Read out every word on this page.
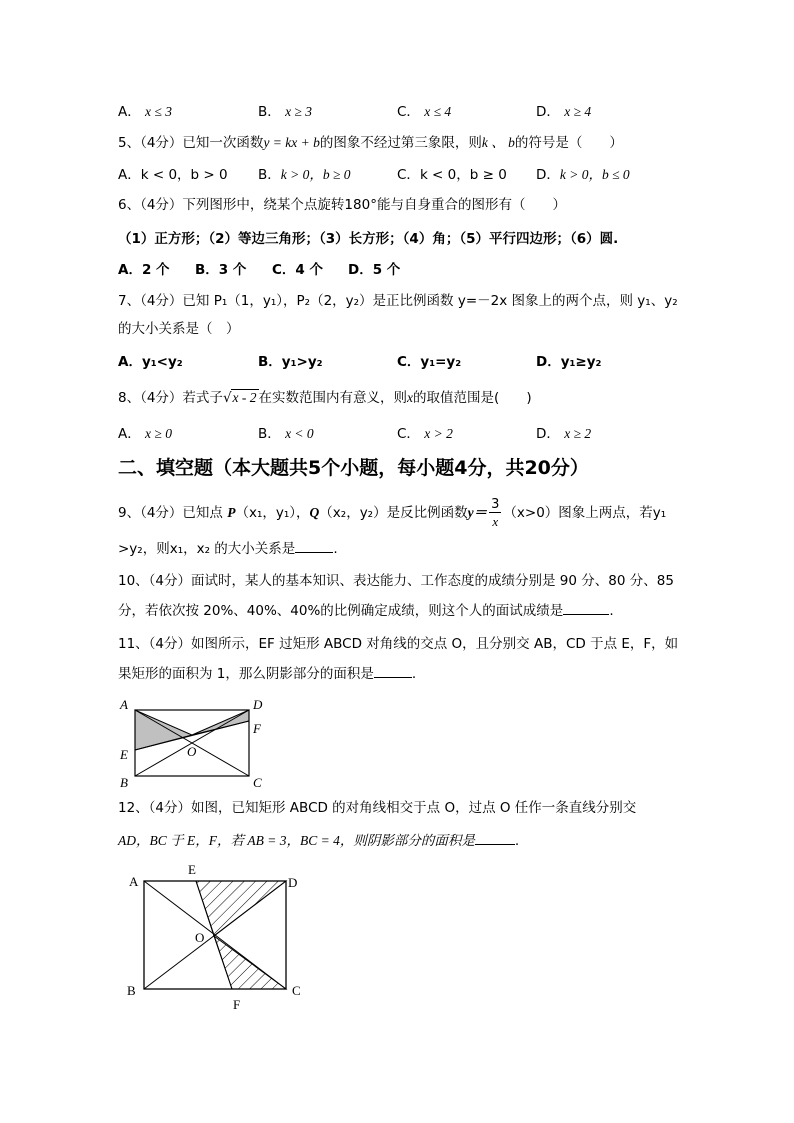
A． x ≤ 3	B． x ≥ 3	C． x ≤ 4	D． x ≥ 4
5、（4分）已知一次函数y = kx + b的图象不经过第三象限，则k 、 b的符号是（　　）
A．k < 0，b > 0 B．k > 0，b ≥ 0	C．k < 0，b ≥ 0 D．k > 0，b ≤ 0
6、（4分）下列图形中，绕某个点旋转180°能与自身重合的图形有（　　）
（1）正方形；（2）等边三角形；（3）长方形；（4）角；（5）平行四边形；（6）圆.
A．2 个 B．3 个 C．4 个 D．5 个
7、（4分）已知 P₁（1，y₁），P₂（2，y₂）是正比例函数 y=－2x 图象上的两个点，则 y₁、y₂
的大小关系是（　）
A．y₁<y₂	B．y₁>y₂	C．y₁=y₂	D．y₁≥y₂
8、（4分）若式子√x - 2 在实数范围内有意义，则x的取值范围是(　　)
A． x ≥ 0	B． x < 0	C． x > 2	D． x ≥ 2
二、填空题（本大题共5个小题，每小题4分，共20分）
9、（4分）已知点 P（x₁，y₁），Q（x₂，y₂）是反比例函数$y= \frac{3}{x} (x>0)$图象上两点，若y₁
>y₂，则x₁，x₂ 的大小关系是	.
10、（4分）面试时，某人的基本知识、表达能力、工作态度的成绩分别是 90 分、80 分、85
分，若依次按 20%、40%、40%的比例确定成绩，则这个人的面试成绩是	.
11、（4分）如图所示，EF 过矩形 ABCD 对角线的交点 O，且分别交 AB，CD 于点 E，F，如
果矩形的面积为 1，那么阴影部分的面积是	.
A
B	C
D
E
F
O
12、（4分）如图，已知矩形 ABCD 的对角线相交于点 O，过点 O 任作一条直线分别交
AD，BC 于 E，F，若 AB = 3，BC = 4，则阴影部分的面积是	.
A
B	C
D
E
F
O
